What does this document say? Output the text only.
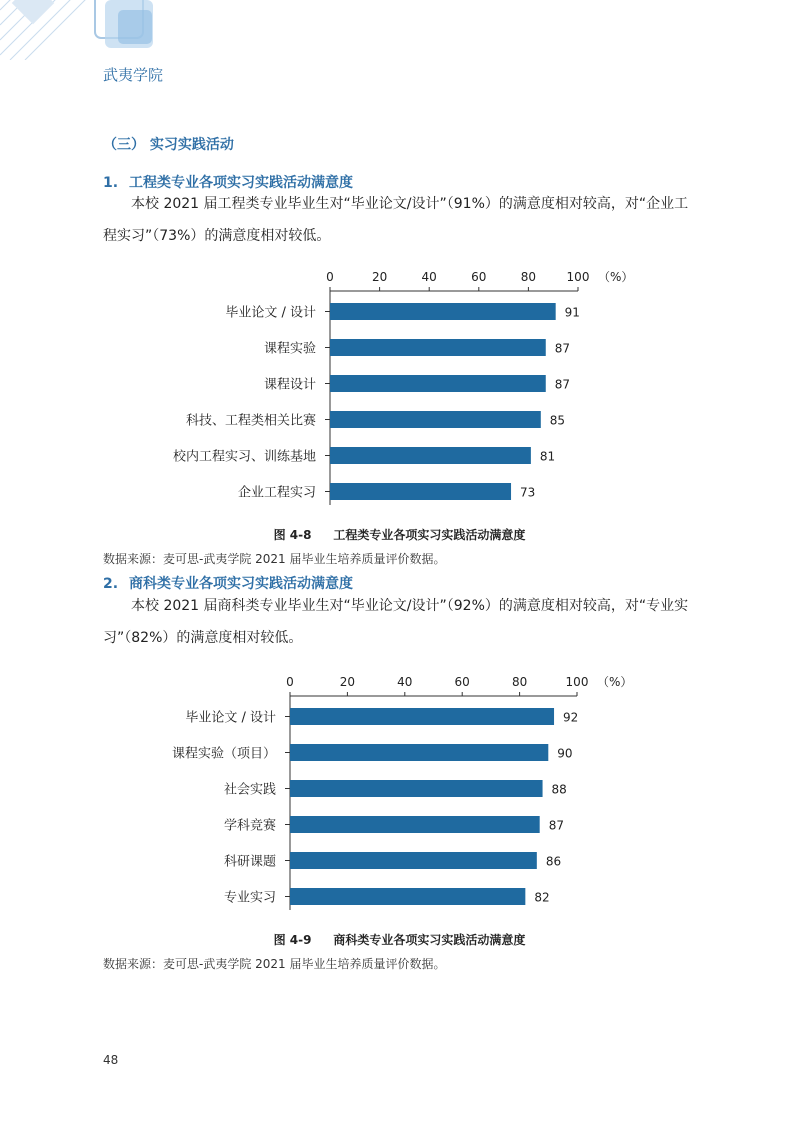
武夷学院
（三） 实习实践活动
1. 工程类专业各项实习实践活动满意度
本校 2021 届工程类专业毕业生对“毕业论文/设计”（91%）的满意度相对较高，对“企业工程实习”（73%）的满意度相对较低。
0	20	40	60	80	100 （%）
毕业论文 / 设计	91
课程实验	87
课程设计	87
科技、工程类相关比赛	85
校内工程实习、训练基地	81
企业工程实习	73
图 4-8 工程类专业各项实习实践活动满意度
数据来源：麦可思-武夷学院 2021 届毕业生培养质量评价数据。
2. 商科类专业各项实习实践活动满意度
本校 2021 届商科类专业毕业生对“毕业论文/设计”（92%）的满意度相对较高，对“专业实习”（82%）的满意度相对较低。
0	20	40	60	80	100 （%）
毕业论文 / 设计	92
课程实验（项目）	90
社会实践	88
学科竞赛	87
科研课题	86
专业实习	82
图 4-9 商科类专业各项实习实践活动满意度
数据来源：麦可思-武夷学院 2021 届毕业生培养质量评价数据。
48
